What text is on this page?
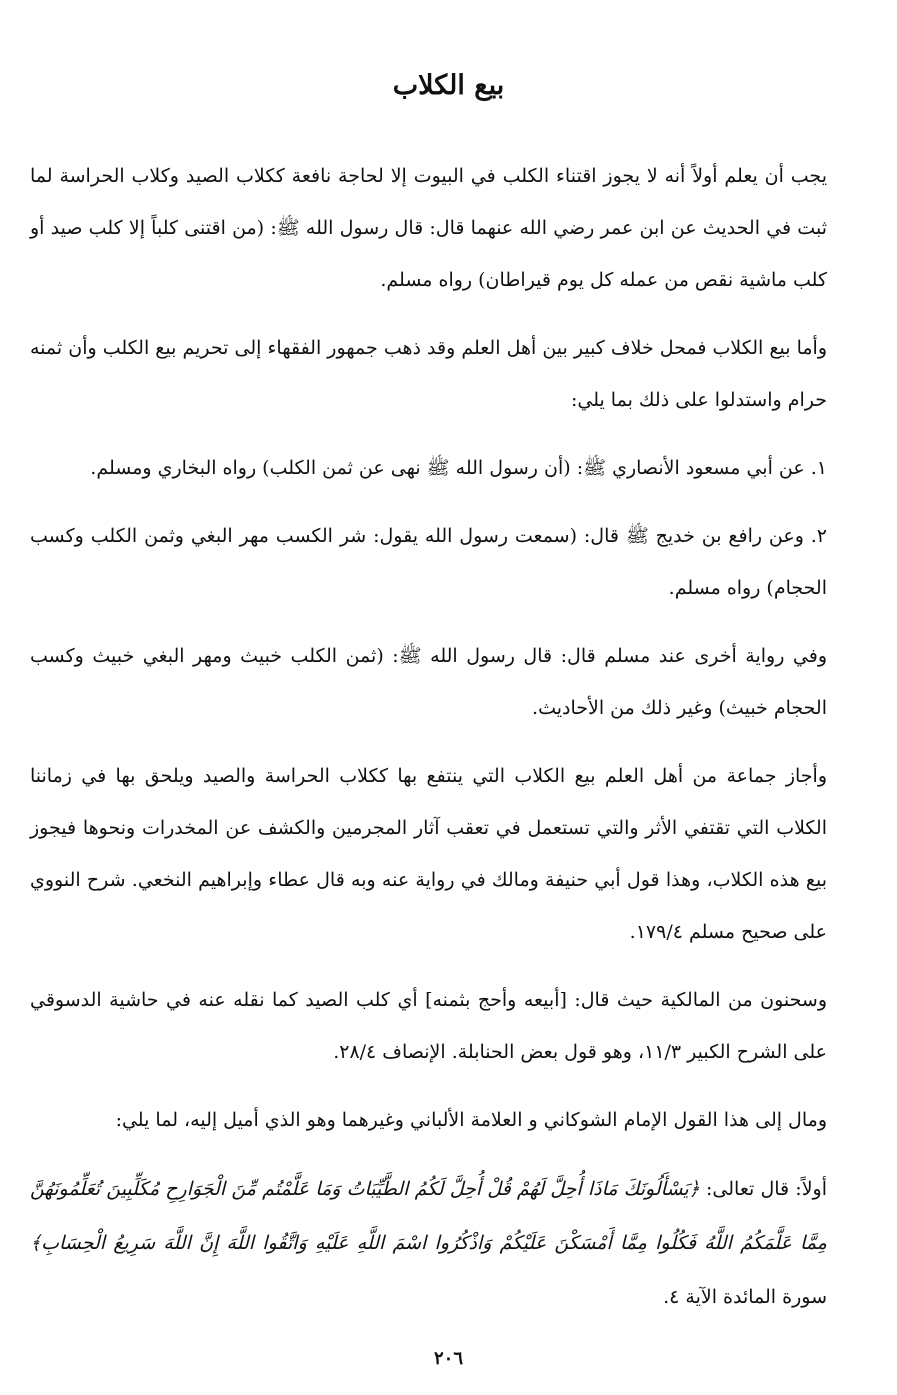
بيع الكلاب

يجب أن يعلم أولاً أنه لا يجوز اقتناء الكلب في البيوت إلا لحاجة نافعة ككلاب الصيد وكلاب الحراسة لما ثبت في الحديث عن ابن عمر رضي الله عنهما قال: قال رسول الله ﷺ: (من اقتنى كلباً إلا كلب صيد أو كلب ماشية نقص من عمله كل يوم قيراطان) رواه مسلم.

وأما بيع الكلاب فمحل خلاف كبير بين أهل العلم وقد ذهب جمهور الفقهاء إلى تحريم بيع الكلب وأن ثمنه حرام واستدلوا على ذلك بما يلي:

١. عن أبي مسعود الأنصاري ﷺ: (أن رسول الله ﷺ نهى عن ثمن الكلب) رواه البخاري ومسلم.

٢. وعن رافع بن خديج ﷺ قال: (سمعت رسول الله يقول: شر الكسب مهر البغي وثمن الكلب وكسب الحجام) رواه مسلم.

وفي رواية أخرى عند مسلم قال: قال رسول الله ﷺ: (ثمن الكلب خبيث ومهر البغي خبيث وكسب الحجام خبيث) وغير ذلك من الأحاديث.

وأجاز جماعة من أهل العلم بيع الكلاب التي ينتفع بها ككلاب الحراسة والصيد ويلحق بها في زماننا الكلاب التي تقتفي الأثر والتي تستعمل في تعقب آثار المجرمين والكشف عن المخدرات ونحوها فيجوز بيع هذه الكلاب، وهذا قول أبي حنيفة ومالك في رواية عنه وبه قال عطاء وإبراهيم النخعي. شرح النووي على صحيح مسلم ١٧٩/٤.

وسحنون من المالكية حيث قال: [أبيعه وأحج بثمنه] أي كلب الصيد كما نقله عنه في حاشية الدسوقي على الشرح الكبير ١١/٣، وهو قول بعض الحنابلة. الإنصاف ٢٨/٤.

ومال إلى هذا القول الإمام الشوكاني و العلامة الألباني وغيرهما وهو الذي أميل إليه، لما يلي:

أولاً: قال تعالى: ﴿يَسْأَلُونَكَ مَاذَا أُحِلَّ لَهُمْ قُلْ أُحِلَّ لَكُمُ الطَّيِّبَاتُ وَمَا عَلَّمْتُم مِّنَ الْجَوَارِحِ مُكَلِّبِينَ تُعَلِّمُونَهُنَّ مِمَّا عَلَّمَكُمُ اللَّهُ فَكُلُوا مِمَّا أَمْسَكْنَ عَلَيْكُمْ وَاذْكُرُوا اسْمَ اللَّهِ عَلَيْهِ وَاتَّقُوا اللَّهَ إِنَّ اللَّهَ سَرِيعُ الْحِسَابِ﴾ سورة المائدة الآية ٤.

٢٠٦
